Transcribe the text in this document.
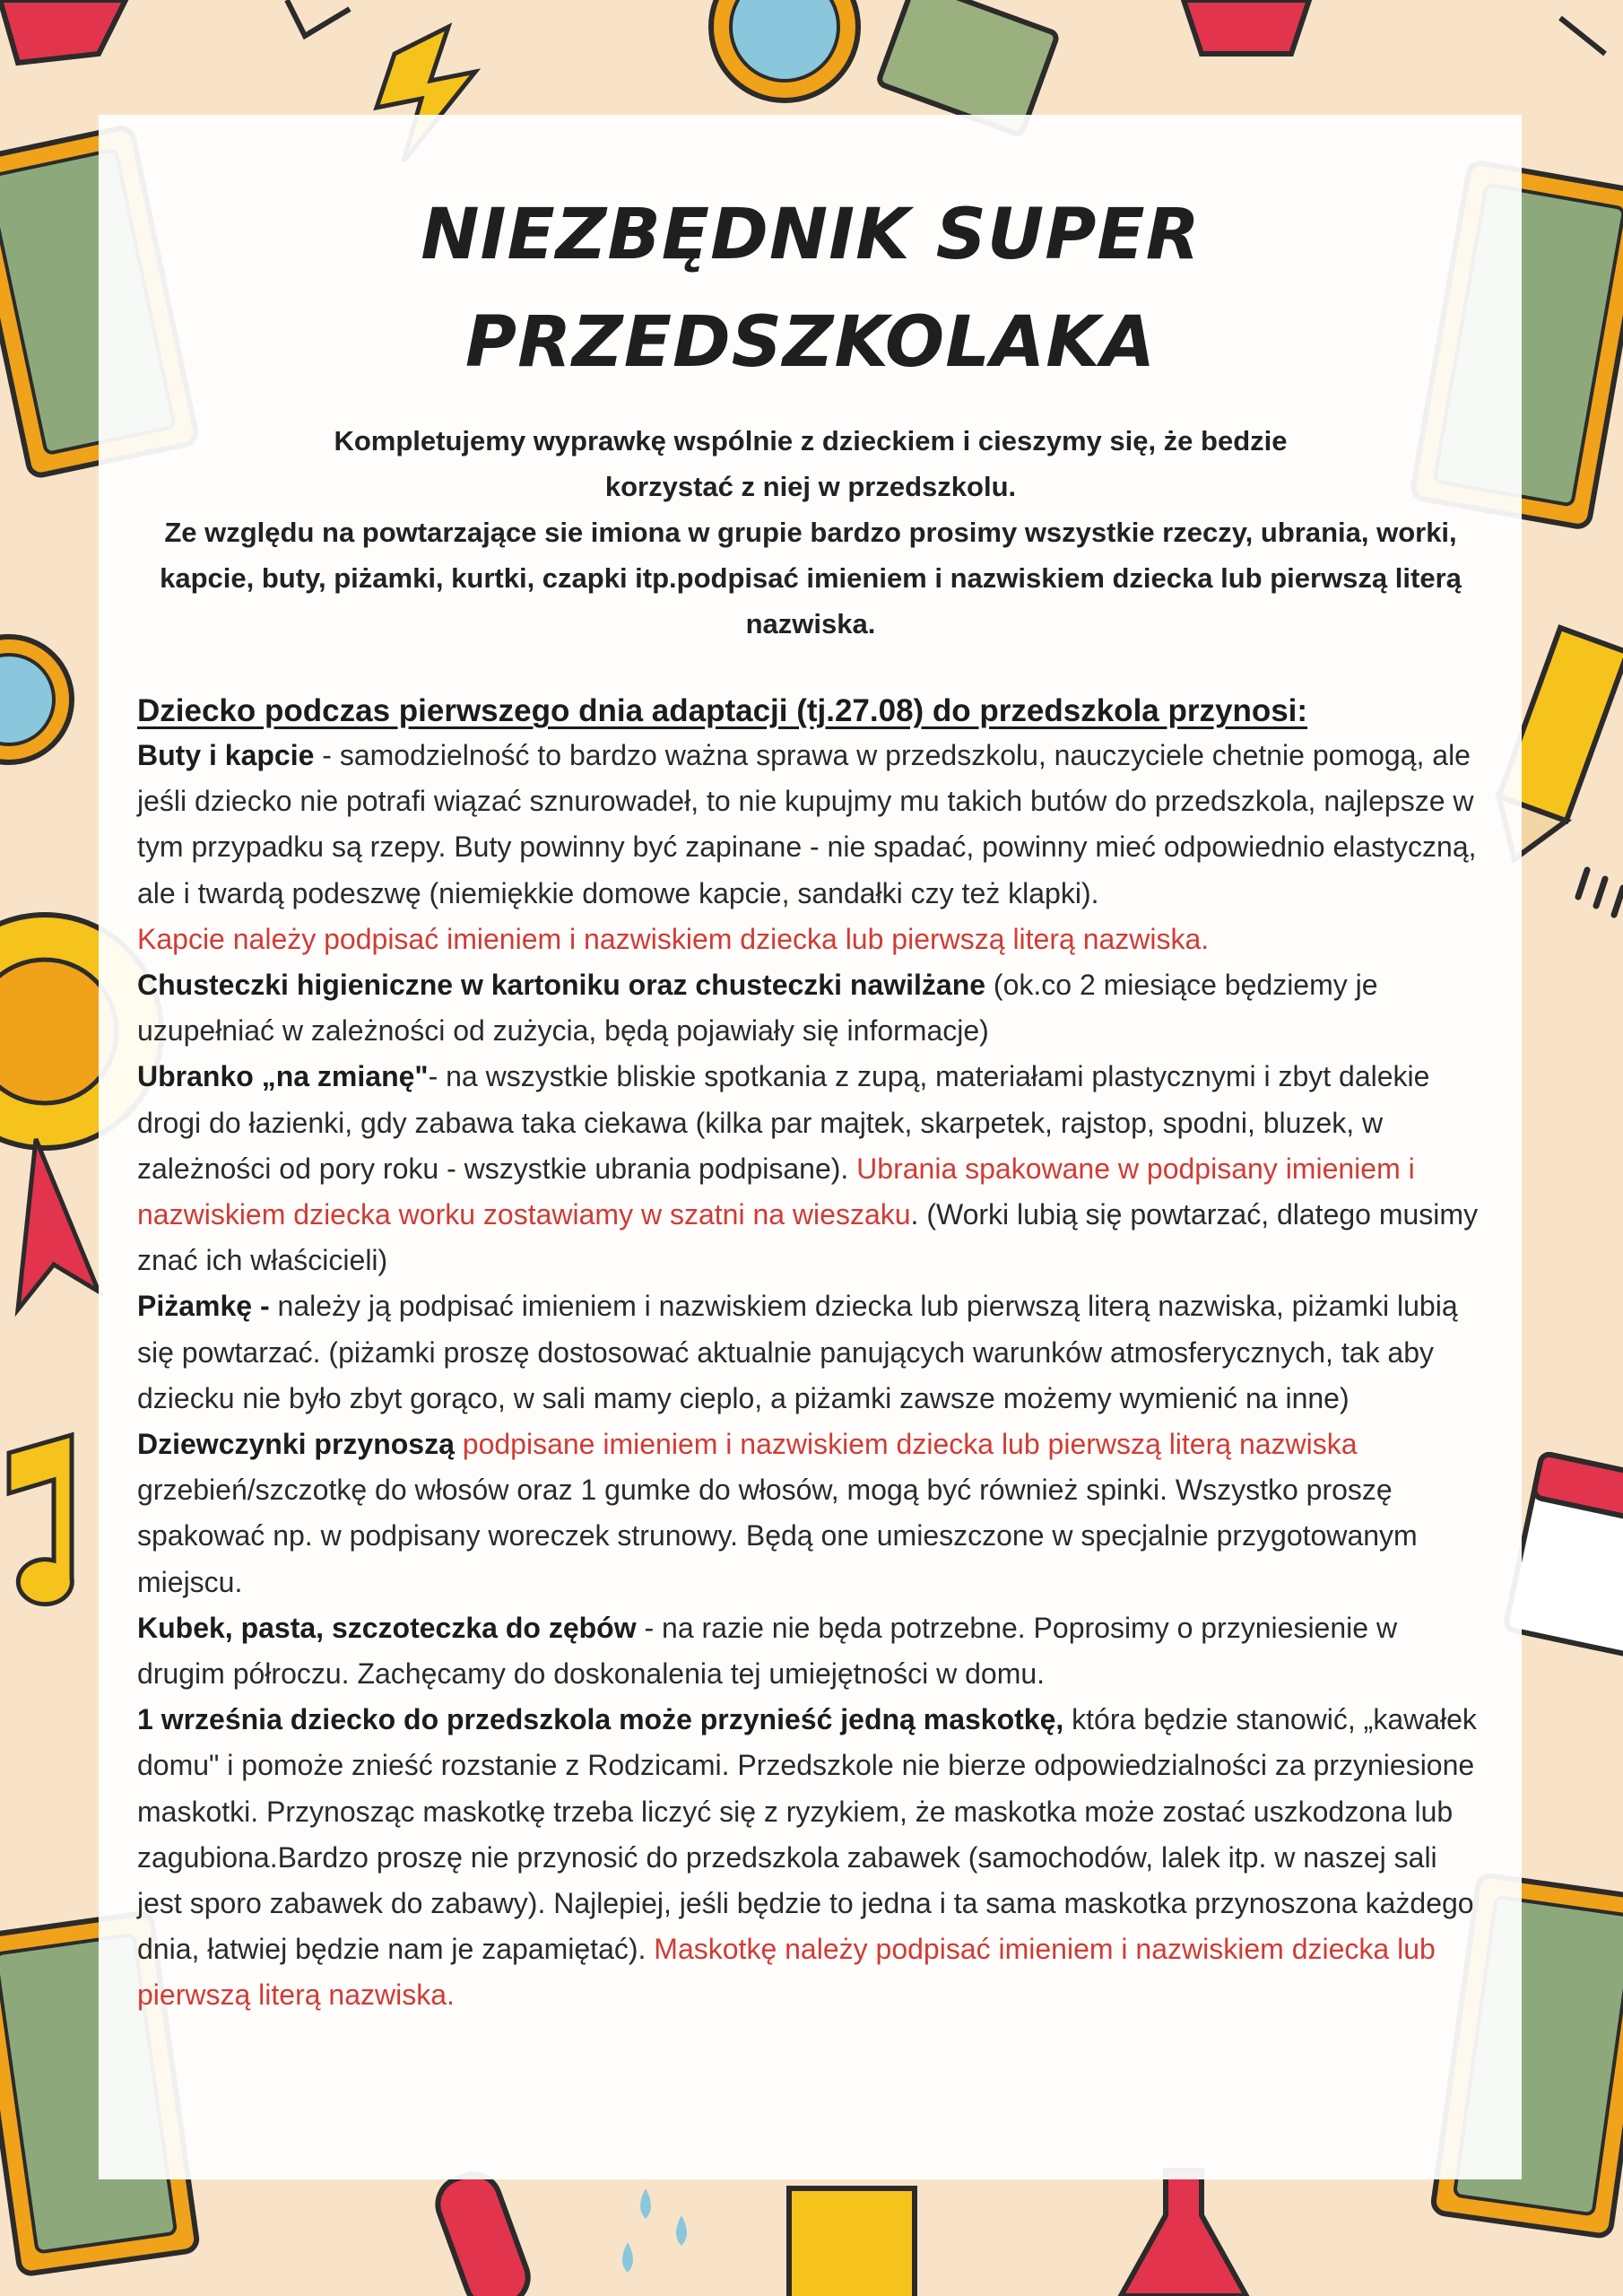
NIEZBĘDNIK SUPER
PRZEDSZKOLAKA

Kompletujemy wyprawkę wspólnie z dzieckiem i cieszymy się, że bedzie korzystać z niej w przedszkolu.

Ze względu na powtarzające sie imiona w grupie bardzo prosimy wszystkie rzeczy, ubrania, worki, kapcie, buty, piżamki, kurtki, czapki itp.podpisać imieniem i nazwiskiem dziecka lub pierwszą literą nazwiska.

Dziecko podczas pierwszego dnia adaptacji (tj.27.08) do przedszkola przynosi:

Buty i kapcie - samodzielność to bardzo ważna sprawa w przedszkolu, nauczyciele chetnie pomogą, ale jeśli dziecko nie potrafi wiązać sznurowadeł, to nie kupujmy mu takich butów do przedszkola, najlepsze w tym przypadku są rzepy. Buty powinny być zapinane - nie spadać, powinny mieć odpowiednio elastyczną, ale i twardą podeszwę (niemiękkie domowe kapcie, sandałki czy też klapki).
Kapcie należy podpisać imieniem i nazwiskiem dziecka lub pierwszą literą nazwiska.

Chusteczki higieniczne w kartoniku oraz chusteczki nawilżane (ok.co 2 miesiące będziemy je uzupełniać w zależności od zużycia, będą pojawiały się informacje)

Ubranko „na zmianę"- na wszystkie bliskie spotkania z zupą, materiałami plastycznymi i zbyt dalekie drogi do łazienki, gdy zabawa taka ciekawa (kilka par majtek, skarpetek, rajstop, spodni, bluzek, w zależności od pory roku - wszystkie ubrania podpisane). Ubrania spakowane w podpisany imieniem i nazwiskiem dziecka worku zostawiamy w szatni na wieszaku. (Worki lubią się powtarzać, dlatego musimy znać ich właścicieli)

Piżamkę - należy ją podpisać imieniem i nazwiskiem dziecka lub pierwszą literą nazwiska, piżamki lubią się powtarzać. (piżamki proszę dostosować aktualnie panujących warunków atmosferycznych, tak aby dziecku nie było zbyt gorąco, w sali mamy cieplo, a piżamki zawsze możemy wymienić na inne)

Dziewczynki przynoszą podpisane imieniem i nazwiskiem dziecka lub pierwszą literą nazwiska grzebień/szczotkę do włosów oraz 1 gumke do włosów, mogą być również spinki. Wszystko proszę spakować np. w podpisany woreczek strunowy. Będą one umieszczone w specjalnie przygotowanym miejscu.

Kubek, pasta, szczoteczka do zębów - na razie nie będa potrzebne. Poprosimy o przyniesienie w drugim półroczu. Zachęcamy do doskonalenia tej umiejętności w domu.

1 września dziecko do przedszkola może przynieść jedną maskotkę, która będzie stanowić, „kawałek domu" i pomoże znieść rozstanie z Rodzicami. Przedszkole nie bierze odpowiedzialności za przyniesione maskotki. Przynosząc maskotkę trzeba liczyć się z ryzykiem, że maskotka może zostać uszkodzona lub zagubiona.Bardzo proszę nie przynosić do przedszkola zabawek (samochodów, lalek itp. w naszej sali jest sporo zabawek do zabawy). Najlepiej, jeśli będzie to jedna i ta sama maskotka przynoszona każdego dnia, łatwiej będzie nam je zapamiętać). Maskotkę należy podpisać imieniem i nazwiskiem dziecka lub pierwszą literą nazwiska.
